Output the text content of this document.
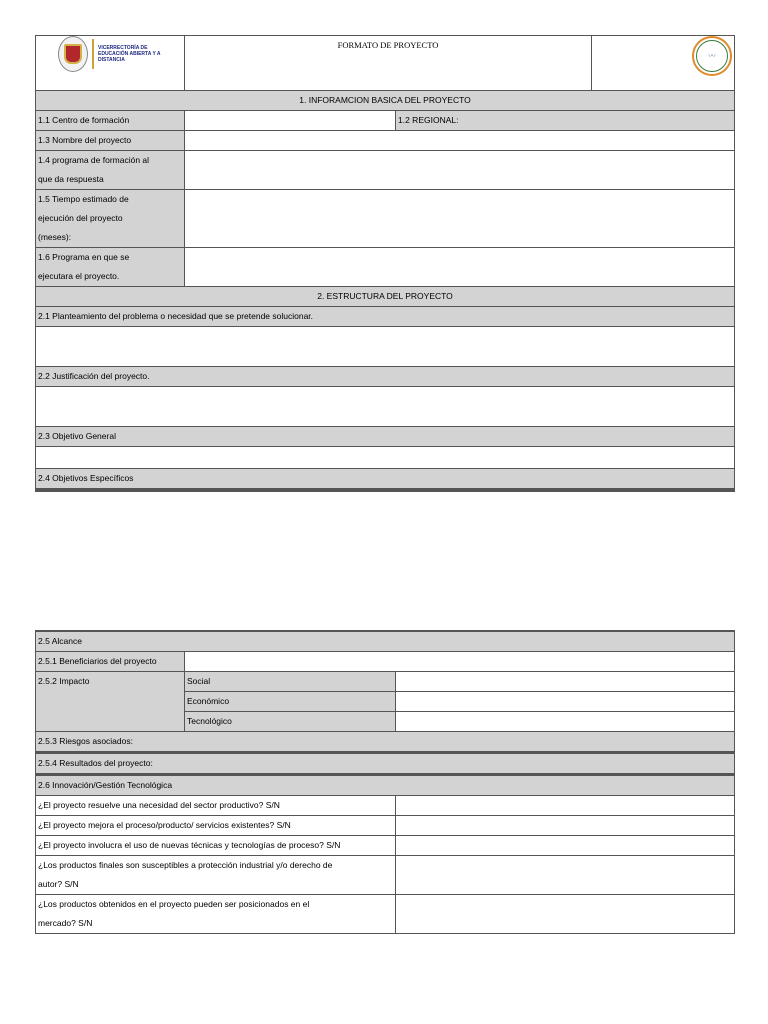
VICERRECTORÍA DE EDUCACIÓN ABIERTA Y A DISTANCIA	FORMATO DE PROYECTO		〰

1. INFORAMCION BASICA DEL PROYECTO			
1.1 Centro de formación		1.2 REGIONAL:	
1.3 Nombre del proyecto			

1.4 programa de formación al
que da respuesta			

1.5 Tiempo estimado de
ejecución del proyecto
(meses):			

1.6 Programa en que se
ejecutara el proyecto.			

2. ESTRUCTURA DEL PROYECTO			
2.1 Planteamiento del problema o necesidad que se pretende solucionar.			

2.2 Justificación del proyecto.			

2.3 Objetivo General			

2.4 Objetivos Específicos			

2.5 Alcance		
2.5.1 Beneficiarios del proyecto		
2.5.2 Impacto	Social	
	Económico	
	Tecnológico	
2.5.3 Riesgos asociados:		

2.5.4 Resultados del proyecto:		

2.6 Innovación/Gestión Tecnológica		
¿El proyecto resuelve una necesidad del sector productivo? S/N		
¿El proyecto mejora el proceso/producto/ servicios existentes? S/N		
¿El proyecto involucra el uso de nuevas técnicas y tecnologías de proceso? S/N		

¿Los productos finales son susceptibles a protección industrial y/o derecho de
autor? S/N		

¿Los productos obtenidos en el proyecto pueden ser posicionados en el
mercado? S/N		
